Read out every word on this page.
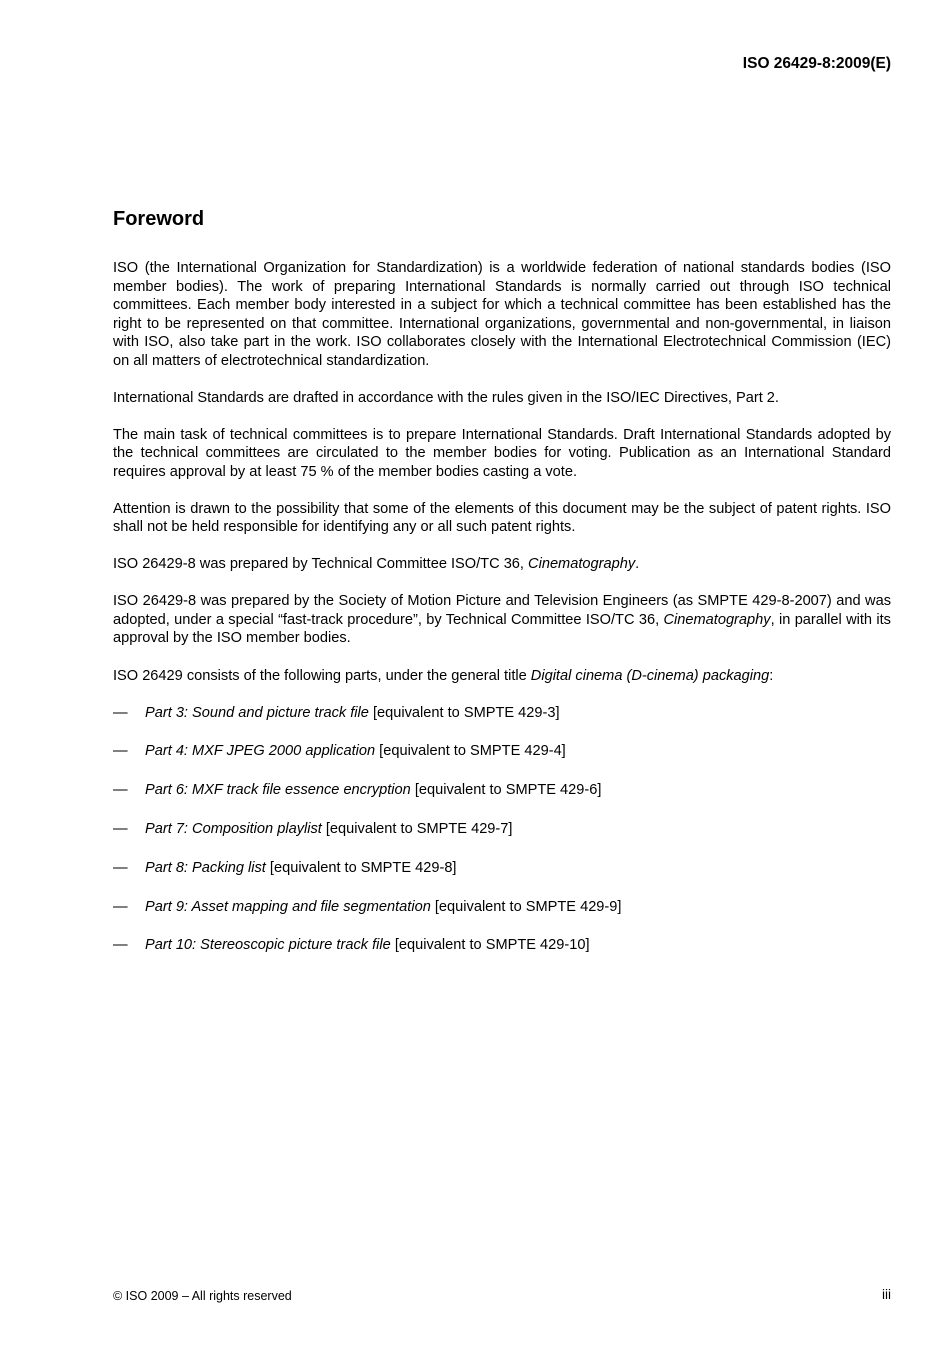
ISO 26429-8:2009(E)

Foreword

ISO (the International Organization for Standardization) is a worldwide federation of national standards bodies (ISO member bodies). The work of preparing International Standards is normally carried out through ISO technical committees. Each member body interested in a subject for which a technical committee has been established has the right to be represented on that committee. International organizations, governmental and non-governmental, in liaison with ISO, also take part in the work. ISO collaborates closely with the International Electrotechnical Commission (IEC) on all matters of electrotechnical standardization.

International Standards are drafted in accordance with the rules given in the ISO/IEC Directives, Part 2.

The main task of technical committees is to prepare International Standards. Draft International Standards adopted by the technical committees are circulated to the member bodies for voting. Publication as an International Standard requires approval by at least 75 % of the member bodies casting a vote.

Attention is drawn to the possibility that some of the elements of this document may be the subject of patent rights. ISO shall not be held responsible for identifying any or all such patent rights.

ISO 26429-8 was prepared by Technical Committee ISO/TC 36, Cinematography.

ISO 26429-8 was prepared by the Society of Motion Picture and Television Engineers (as SMPTE 429-8-2007) and was adopted, under a special “fast-track procedure”, by Technical Committee ISO/TC 36, Cinematography, in parallel with its approval by the ISO member bodies.

ISO 26429 consists of the following parts, under the general title Digital cinema (D-cinema) packaging:

— Part 3: Sound and picture track file [equivalent to SMPTE 429-3]
— Part 4: MXF JPEG 2000 application [equivalent to SMPTE 429-4]
— Part 6: MXF track file essence encryption [equivalent to SMPTE 429-6]
— Part 7: Composition playlist [equivalent to SMPTE 429-7]
— Part 8: Packing list [equivalent to SMPTE 429-8]
— Part 9: Asset mapping and file segmentation [equivalent to SMPTE 429-9]
— Part 10: Stereoscopic picture track file [equivalent to SMPTE 429-10]

© ISO 2009 – All rights reserved	iii
